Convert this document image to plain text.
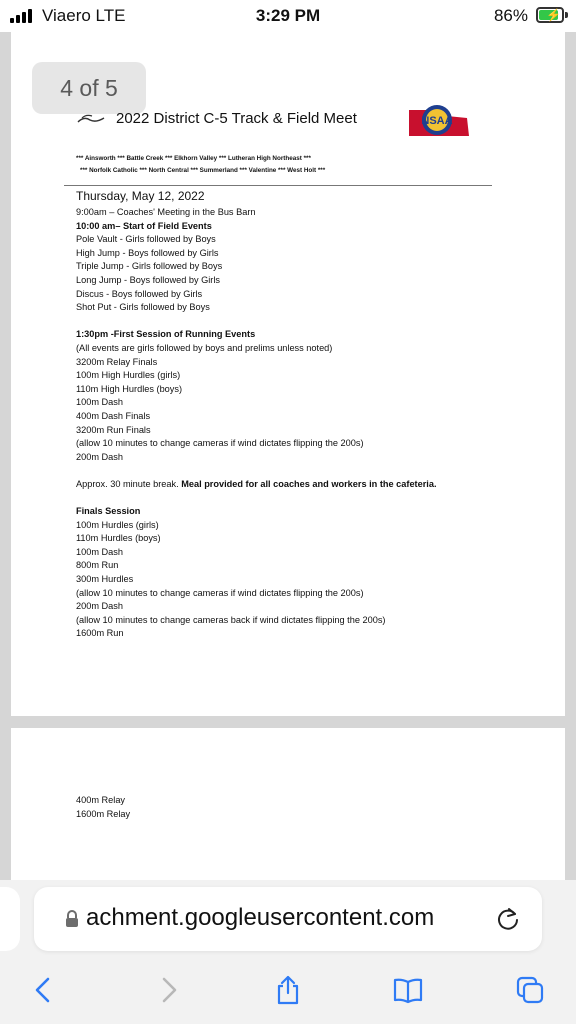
Viaero LTE	3:29 PM	86% ⚡
4 of 5
2022 District C-5 Track & Field Meet	NSAA
*** Ainsworth *** Battle Creek *** Elkhorn Valley *** Lutheran High Northeast ***
*** Norfolk Catholic *** North Central *** Summerland *** Valentine *** West Holt ***
Thursday, May 12, 2022
9:00am – Coaches' Meeting in the Bus Barn
10:00 am– Start of Field Events
Pole Vault - Girls followed by Boys
High Jump - Boys followed by Girls
Triple Jump - Girls followed by Boys
Long Jump - Boys followed by Girls
Discus - Boys followed by Girls
Shot Put - Girls followed by Boys
1:30pm -First Session of Running Events
(All events are girls followed by boys and prelims unless noted)
3200m Relay Finals
100m High Hurdles (girls)
110m High Hurdles (boys)
100m Dash
400m Dash Finals
3200m Run Finals
(allow 10 minutes to change cameras if wind dictates flipping the 200s)
200m Dash
Approx. 30 minute break. Meal provided for all coaches and workers in the cafeteria.
Finals Session
100m Hurdles (girls)
110m Hurdles (boys)
100m Dash
800m Run
300m Hurdles
(allow 10 minutes to change cameras if wind dictates flipping the 200s)
200m Dash
(allow 10 minutes to change cameras back if wind dictates flipping the 200s)
1600m Run
400m Relay
1600m Relay
achment.googleusercontent.com
